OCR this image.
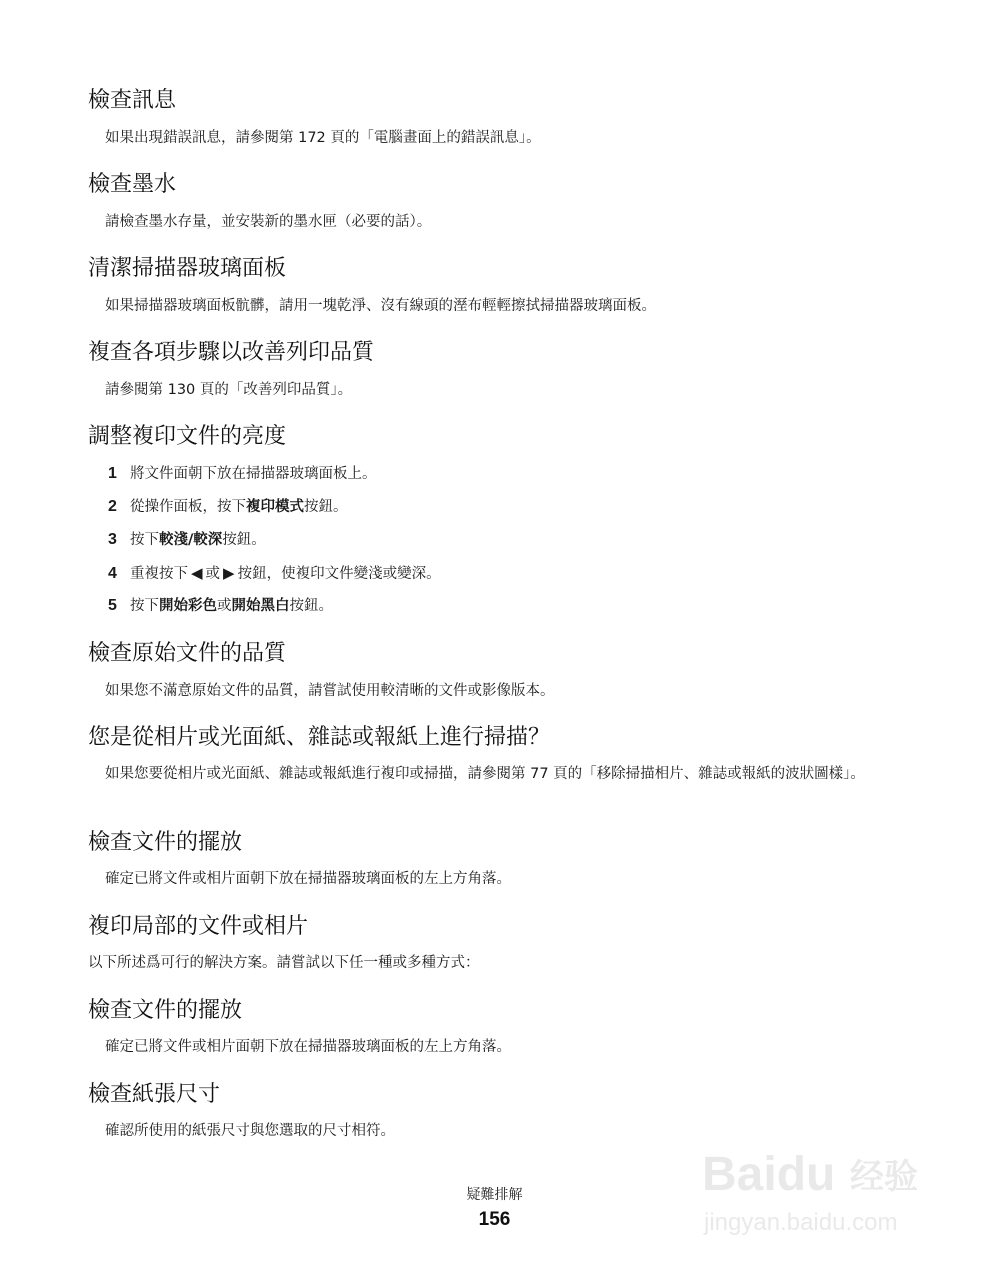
檢查訊息

如果出現錯誤訊息，請參閱第 172 頁的「電腦畫面上的錯誤訊息」。

檢查墨水

請檢查墨水存量，並安裝新的墨水匣（必要的話）。

清潔掃描器玻璃面板

如果掃描器玻璃面板骯髒，請用一塊乾淨、沒有線頭的溼布輕輕擦拭掃描器玻璃面板。

複查各項步驟以改善列印品質

請參閱第 130 頁的「改善列印品質」。

調整複印文件的亮度
1 將文件面朝下放在掃描器玻璃面板上。
2 從操作面板，按下複印模式按鈕。
3 按下較淺/較深按鈕。
4 重複按下 ◀ 或 ▶ 按鈕，使複印文件變淺或變深。
5 按下開始彩色或開始黑白按鈕。
檢查原始文件的品質

如果您不滿意原始文件的品質，請嘗試使用較清晰的文件或影像版本。

您是從相片或光面紙、雜誌或報紙上進行掃描？

如果您要從相片或光面紙、雜誌或報紙進行複印或掃描，請參閱第 77 頁的「移除掃描相片、雜誌或報紙的波狀圖樣」。

檢查文件的擺放

確定已將文件或相片面朝下放在掃描器玻璃面板的左上方角落。

複印局部的文件或相片

以下所述爲可行的解決方案。請嘗試以下任一種或多種方式：

檢查文件的擺放

確定已將文件或相片面朝下放在掃描器玻璃面板的左上方角落。

檢查紙張尺寸

確認所使用的紙張尺寸與您選取的尺寸相符。

疑難排解
156
Baidu 经验
jingyan.baidu.com
